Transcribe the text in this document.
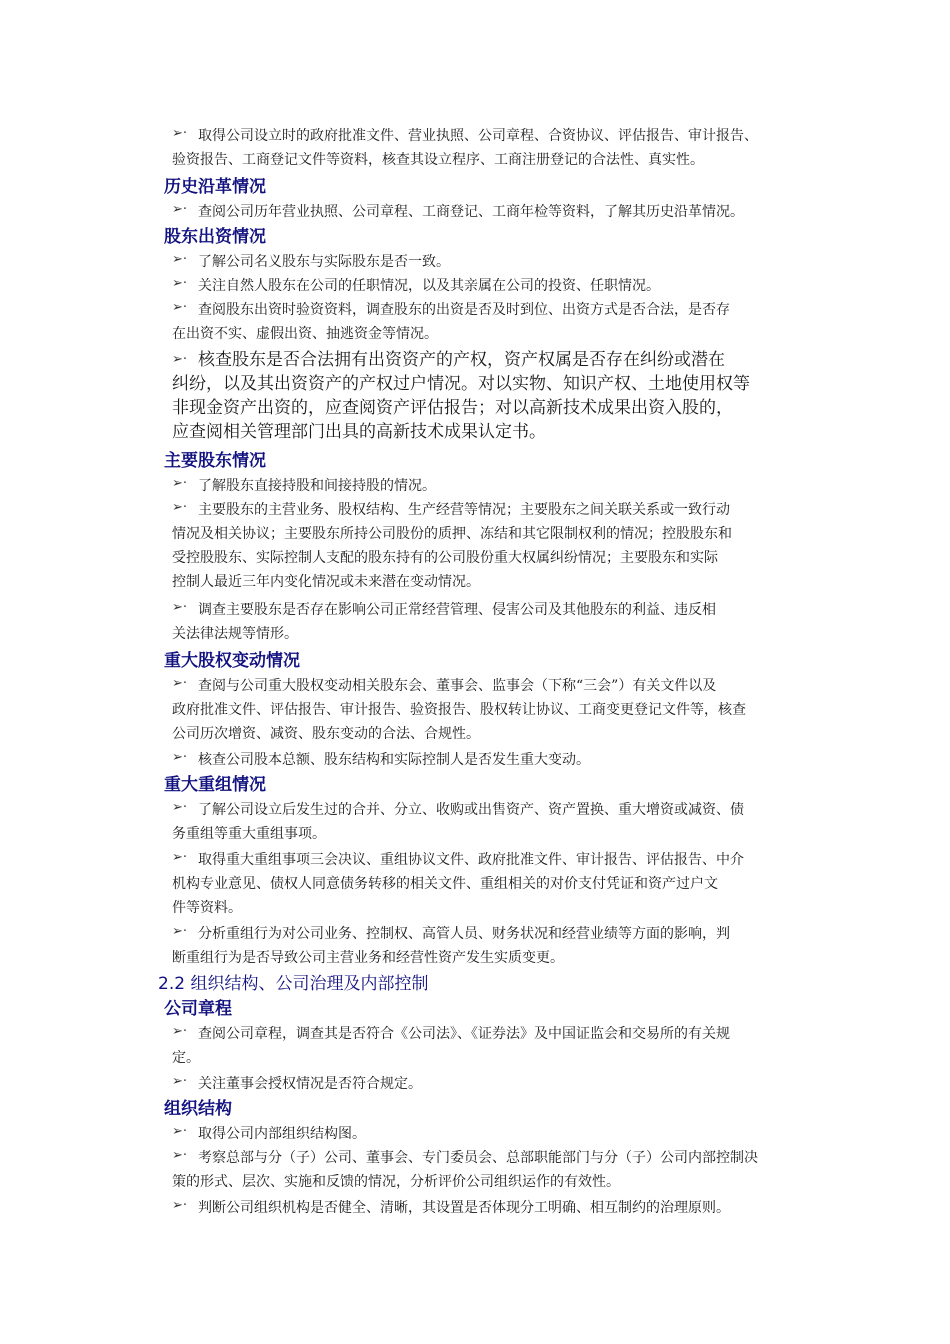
➢· 取得公司设立时的政府批准文件、营业执照、公司章程、合资协议、评估报告、审计报告、
验资报告、工商登记文件等资料，核查其设立程序、工商注册登记的合法性、真实性。
历史沿革情况
➢· 查阅公司历年营业执照、公司章程、工商登记、工商年检等资料，了解其历史沿革情况。
股东出资情况
➢· 了解公司名义股东与实际股东是否一致。
➢· 关注自然人股东在公司的任职情况，以及其亲属在公司的投资、任职情况。
➢· 查阅股东出资时验资资料，调查股东的出资是否及时到位、出资方式是否合法，是否存
在出资不实、虚假出资、抽逃资金等情况。
➢· 核查股东是否合法拥有出资资产的产权，资产权属是否存在纠纷或潜在
纠纷，以及其出资资产的产权过户情况。对以实物、知识产权、土地使用权等
非现金资产出资的，应查阅资产评估报告；对以高新技术成果出资入股的，
应查阅相关管理部门出具的高新技术成果认定书。
主要股东情况
➢· 了解股东直接持股和间接持股的情况。
➢· 主要股东的主营业务、股权结构、生产经营等情况；主要股东之间关联关系或一致行动
情况及相关协议；主要股东所持公司股份的质押、冻结和其它限制权利的情况；控股股东和
受控股股东、实际控制人支配的股东持有的公司股份重大权属纠纷情况；主要股东和实际
控制人最近三年内变化情况或未来潜在变动情况。
➢· 调查主要股东是否存在影响公司正常经营管理、侵害公司及其他股东的利益、违反相
关法律法规等情形。
重大股权变动情况
➢· 查阅与公司重大股权变动相关股东会、董事会、监事会（下称“三会”）有关文件以及
政府批准文件、评估报告、审计报告、验资报告、股权转让协议、工商变更登记文件等，核查
公司历次增资、减资、股东变动的合法、合规性。
➢· 核查公司股本总额、股东结构和实际控制人是否发生重大变动。
重大重组情况
➢· 了解公司设立后发生过的合并、分立、收购或出售资产、资产置换、重大增资或减资、债
务重组等重大重组事项。
➢· 取得重大重组事项三会决议、重组协议文件、政府批准文件、审计报告、评估报告、中介
机构专业意见、债权人同意债务转移的相关文件、重组相关的对价支付凭证和资产过户文
件等资料。
➢· 分析重组行为对公司业务、控制权、高管人员、财务状况和经营业绩等方面的影响，判
断重组行为是否导致公司主营业务和经营性资产发生实质变更。
2.2 组织结构、公司治理及内部控制
公司章程
➢· 查阅公司章程，调查其是否符合《公司法》、《证券法》及中国证监会和交易所的有关规
定。
➢· 关注董事会授权情况是否符合规定。
组织结构
➢· 取得公司内部组织结构图。
➢· 考察总部与分（子）公司、董事会、专门委员会、总部职能部门与分（子）公司内部控制决
策的形式、层次、实施和反馈的情况，分析评价公司组织运作的有效性。
➢· 判断公司组织机构是否健全、清晰，其设置是否体现分工明确、相互制约的治理原则。
